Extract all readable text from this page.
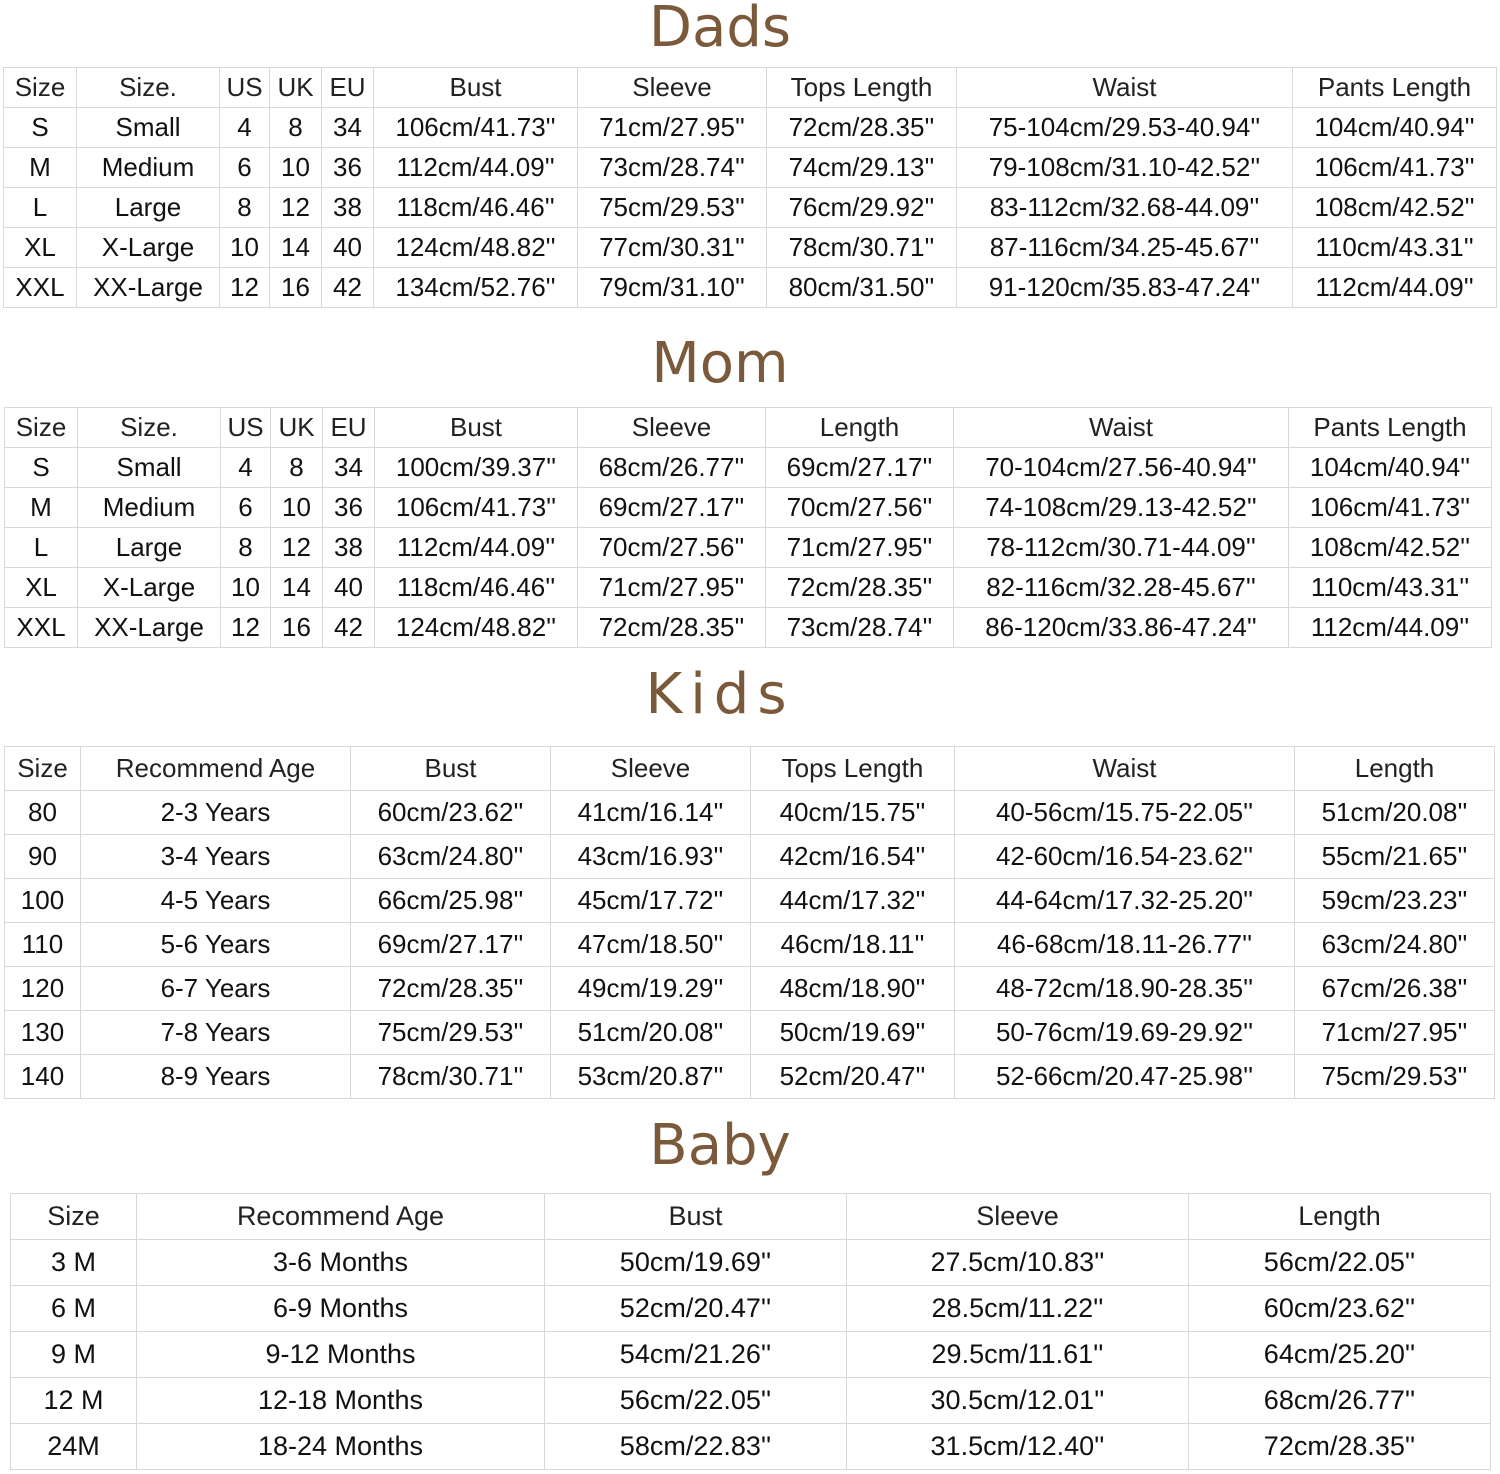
Dads
Size	Size.	US	UK	EU	Bust	Sleeve	Tops Length	Waist	Pants Length
S	Small	4	8	34	106cm/41.73''	71cm/27.95''	72cm/28.35''	75-104cm/29.53-40.94''	104cm/40.94''
M	Medium	6	10	36	112cm/44.09''	73cm/28.74''	74cm/29.13''	79-108cm/31.10-42.52''	106cm/41.73''
L	Large	8	12	38	118cm/46.46''	75cm/29.53''	76cm/29.92''	83-112cm/32.68-44.09''	108cm/42.52''
XL	X-Large	10	14	40	124cm/48.82''	77cm/30.31''	78cm/30.71''	87-116cm/34.25-45.67''	110cm/43.31''
XXL	XX-Large	12	16	42	134cm/52.76''	79cm/31.10''	80cm/31.50''	91-120cm/35.83-47.24''	112cm/44.09''
Mom
Size	Size.	US	UK	EU	Bust	Sleeve	Length	Waist	Pants Length
S	Small	4	8	34	100cm/39.37''	68cm/26.77''	69cm/27.17''	70-104cm/27.56-40.94''	104cm/40.94''
M	Medium	6	10	36	106cm/41.73''	69cm/27.17''	70cm/27.56''	74-108cm/29.13-42.52''	106cm/41.73''
L	Large	8	12	38	112cm/44.09''	70cm/27.56''	71cm/27.95''	78-112cm/30.71-44.09''	108cm/42.52''
XL	X-Large	10	14	40	118cm/46.46''	71cm/27.95''	72cm/28.35''	82-116cm/32.28-45.67''	110cm/43.31''
XXL	XX-Large	12	16	42	124cm/48.82''	72cm/28.35''	73cm/28.74''	86-120cm/33.86-47.24''	112cm/44.09''
Kids
Size	Recommend Age	Bust	Sleeve	Tops Length	Waist	Length
80	2-3 Years	60cm/23.62''	41cm/16.14''	40cm/15.75''	40-56cm/15.75-22.05''	51cm/20.08''
90	3-4 Years	63cm/24.80''	43cm/16.93''	42cm/16.54''	42-60cm/16.54-23.62''	55cm/21.65''
100	4-5 Years	66cm/25.98''	45cm/17.72''	44cm/17.32''	44-64cm/17.32-25.20''	59cm/23.23''
110	5-6 Years	69cm/27.17''	47cm/18.50''	46cm/18.11''	46-68cm/18.11-26.77''	63cm/24.80''
120	6-7 Years	72cm/28.35''	49cm/19.29''	48cm/18.90''	48-72cm/18.90-28.35''	67cm/26.38''
130	7-8 Years	75cm/29.53''	51cm/20.08''	50cm/19.69''	50-76cm/19.69-29.92''	71cm/27.95''
140	8-9 Years	78cm/30.71''	53cm/20.87''	52cm/20.47''	52-66cm/20.47-25.98''	75cm/29.53''
Baby
Size	Recommend Age	Bust	Sleeve	Length
3 M	3-6 Months	50cm/19.69''	27.5cm/10.83''	56cm/22.05''
6 M	6-9 Months	52cm/20.47''	28.5cm/11.22''	60cm/23.62''
9 M	9-12 Months	54cm/21.26''	29.5cm/11.61''	64cm/25.20''
12 M	12-18 Months	56cm/22.05''	30.5cm/12.01''	68cm/26.77''
24M	18-24 Months	58cm/22.83''	31.5cm/12.40''	72cm/28.35''
